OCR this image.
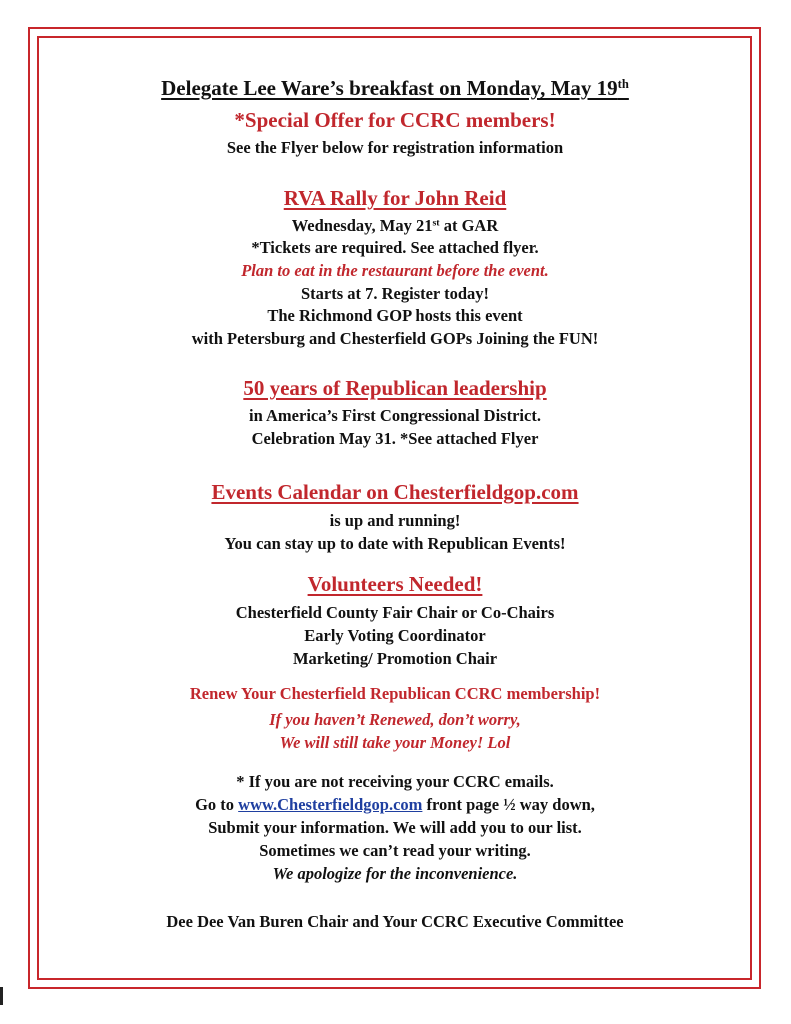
Delegate Lee Ware’s breakfast on Monday, May 19th
*Special Offer for CCRC members!
See the Flyer below for registration information
RVA Rally for John Reid
Wednesday, May 21st at GAR
*Tickets are required. See attached flyer.
Plan to eat in the restaurant before the event.
Starts at 7. Register today!
The Richmond GOP hosts this event
with Petersburg and Chesterfield GOPs Joining the FUN!
50 years of Republican leadership
in America’s First Congressional District.
Celebration May 31. *See attached Flyer
Events Calendar on Chesterfieldgop.com
is up and running!
You can stay up to date with Republican Events!
Volunteers Needed!
Chesterfield County Fair Chair or Co-Chairs
Early Voting Coordinator
Marketing/ Promotion Chair
Renew Your Chesterfield Republican CCRC membership!
If you haven’t Renewed, don’t worry,
We will still take your Money! Lol
* If you are not receiving your CCRC emails.
Go to www.Chesterfieldgop.com front page ½ way down,
Submit your information. We will add you to our list.
Sometimes we can’t read your writing.
We apologize for the inconvenience.
Dee Dee Van Buren Chair and Your CCRC Executive Committee
